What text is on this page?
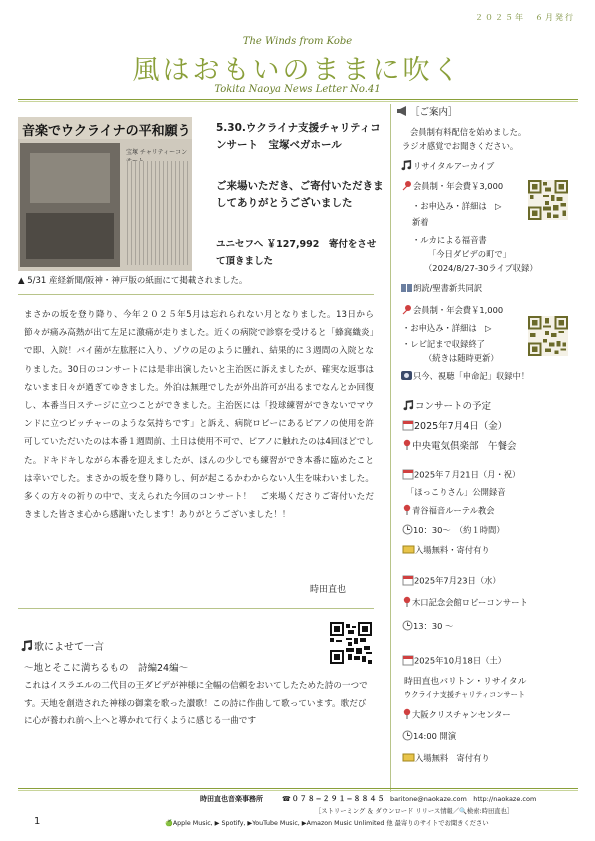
２０２５年　６月発行
The Winds from Kobe
風はおもいのままに吹く
Tokita Naoya News Letter No.41
音楽でウクライナの平和願う
宝塚 チャリティーコン
5.30.ウクライナ支援チャリティコンサート　宝塚ベガホール
ご来場いただき、ご寄付いただきましてありがとうございました
ユニセフへ ￥127,992　寄付をさせて頂きました
▲ 5/31 産経新聞/阪神・神戸版の紙面にて掲載されました。
まさかの坂を登り降り、今年２０２５年5月は忘れられない月となりました。13日から節々が痛み高熱が出て左足に激痛が走りました。近くの病院で診察を受けると「蜂窩織炎」で即、入院！バイ菌が左肱脛に入り、ゾウの足のように腫れ、結果的に３週間の入院となりました。30日のコンサートには是非出演したいと主治医に訴えましたが、確実な返事はないまま日々が過ぎてゆきました。外泊は無理でしたが外出許可が出るまでなんとか回復し、本番当日ステージに立つことができました。主治医には「投球練習ができないでマウンドに立つピッチャーのような気持ちです」と訴え、病院ロビーにあるピアノの使用を許可していただいたのは本番１週間前、土日は使用不可で、ピアノに触れたのは4回ほどでした。ドキドキしながら本番を迎えましたが、ほんの少しでも練習ができ本番に臨めたことは幸いでした。まさかの坂を登り降りし、何が起こるかわからない人生を味わいました。多くの方々の祈りの中で、支えられた今回のコンサート！　ご来場くださりご寄付いただきました皆さま心から感謝いたします！ありがとうございました！！
時田直也
歌によせて一言
〜地とそこに満ちるもの　詩編24編〜
これはイスラエルの二代目の王ダビデが神様に全幅の信頼をおいてしたためた詩の一つです。天地を創造された神様の御業を歌った讃歌！この詩に作曲して歌っています。歌だびに心が養われ前へ上へと導かれて行くように感じる一曲です
［ご案内］
会員制有料配信を始めました。
ラジオ感覚でお聞きください。
リサイタルアーカイブ
会員制・年会費￥3,000
・お申込み・詳細は　▷
新着
・ルカによる福音書
「今日ダビデの町で」
（2024/8/27-30ライブ収録）
朗読/聖書新共同訳
会員制・年会費￥1,000
・お申込み・詳細は　▷
・レビ記まで収録終了
（続きは随時更新）
只今、視聴「申命記」収録中！
コンサートの予定
2025年7月4日（金）
中央電気倶楽部　午餐会
2025年７月21日（月・祝）
「ほっこりさん」公開録音
青谷福音ルーテル教会
10：30〜　（約１時間）
入場無料・寄付有り
2025年7月23日（水）
木口記念会館ロビーコンサート
13：30 〜
2025年10月18日（土）
時田直也バリトン・リサイタル
ウクライナ支援チャリティコンサート
大阪クリスチャンセンター
14:00 開演
入場無料　寄付有り
時田直也音楽事務所	☎０７８−２９１−８８４５ baritone@naokaze.com　http://naokaze.com
［ストリーミング ＆ ダウンロード リリース情報／🔍検索:時田直也］
🍏Apple Music, ▶ Spotify, ▶YouTube Music, ▶Amazon Music Unlimited 他 最寄りのサイトでお聞きください
1
